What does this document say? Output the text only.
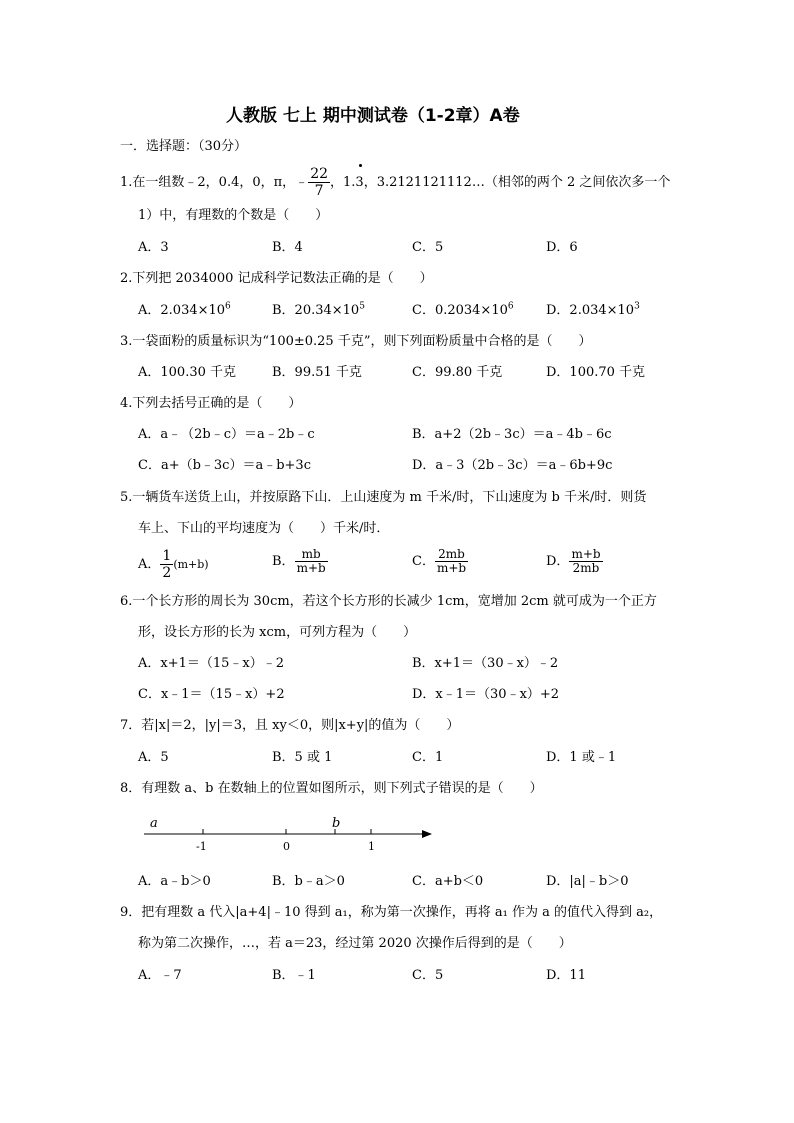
人教版 七上 期中测试卷（1-2章）A卷
一．选择题：（30分）
1.在一组数﹣2，0.4，0，π，﹣ $\frac{22}{7}$ ，1.3，3.2121121112…（相邻的两个 2 之间依次多一个
1）中，有理数的个数是（　　）
A．3	B．4	C．5	D．6
2.下列把 2034000 记成科学记数法正确的是（　　）
A．$2.034\times 10^6$	B．$20.34\times 10^5$	C．$0.2034\times 10^6$ D．$2.034\times 10^3$
3.一袋面粉的质量标识为“100±0.25 千克”，则下列面粉质量中合格的是（　　）
A．100.30 千克	B．99.51 千克	C．99.80 千克	D．100.70 千克
4.下列去括号正确的是（　　）
A．a﹣（2b﹣c）＝a﹣2b﹣c	B．a+2（2b﹣3c）＝a﹣4b﹣6c
C．a+（b﹣3c）＝a﹣b+3c	D．a﹣3（2b﹣3c）＝a﹣6b+9c
5.一辆货车送货上山，并按原路下山．上山速度为 m 千米/时，下山速度为 b 千米/时．则货
车上、下山的平均速度为（　　）千米/时．
A． $\frac{1}{2} (m+b)$	B． $\frac{mb}{m+b}$	C． $\frac{2mb}{m+b}$	D． $\frac{m+b}{2mb}$
6.一个长方形的周长为 30cm，若这个长方形的长减少 1cm，宽增加 2cm 就可成为一个正方
形，设长方形的长为 xcm，可列方程为（　　）
A．x+1＝（15﹣x）﹣2	B．x+1＝（30﹣x）﹣2
C．x﹣1＝（15﹣x）+2	D．x﹣1＝（30﹣x）+2
7．若|x|＝2，|y|＝3，且 xy＜0，则|x+y|的值为（　　）
A．5	B．5 或 1	C．1	D．1 或﹣1
8．有理数 a、b 在数轴上的位置如图所示，则下列式子错误的是（　　）
a	b
-1	0	1
A．a﹣b＞0	B．b﹣a＞0	C．a+b＜0	D．|a|﹣b＞0
9．把有理数 a 代入|a+4|﹣10 得到 a₁，称为第一次操作，再将 a₁ 作为 a 的值代入得到 a₂，
称为第二次操作，…，若 a＝23，经过第 2020 次操作后得到的是（　　）
A．﹣7	B．﹣1	C．5	D．11
